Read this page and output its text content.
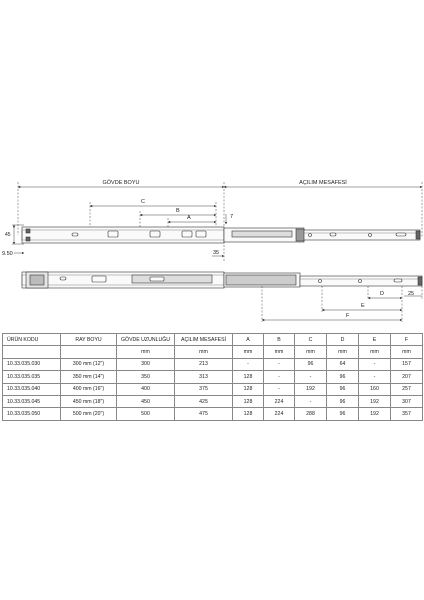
GÖVDE BOYU	AÇILIM MESAFESİ
C
B
A
45
7
35
9.50
D
E
F
25
ÜRÜN KODU	RAY BOYU	GÖVDE UZUNLUĞU	AÇILIM MESAFESİ	A	B	C	D	E	F
		mm	mm	mm	mm	mm	mm	mm	mm
10.33.035.030	300 mm (12")	300	213	-	-	96	64	-	157
10.33.035.035	350 mm (14")	350	313	128	-	-	96	-	207
10.33.035.040	400 mm (16")	400	375	128	-	192	96	160	257
10.33.035.045	450 mm (18")	450	425	128	224	-	96	192	307
10.33.035.050	500 mm (20")	500	475	128	224	288	96	192	357
